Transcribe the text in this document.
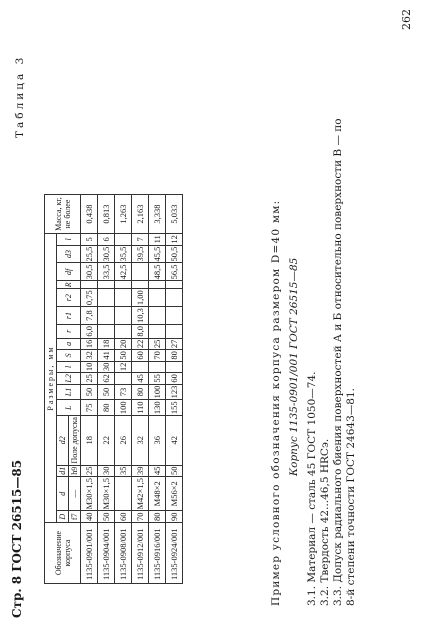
Стр. 8 ГОСТ 26515—85
Таблица 3
262
Обозначение корпуса	Размеры, мм																	Масса, кг, не более
	D	d	d1	d2	L	L1	L2	l	S	a	r	r1	r2	R	df	d3	l	
	f7	—	h9	Поле допуска														
1135-0901/001	40	M30×1,5	25	18	75	50	25	10	32	16	6,0	7,8	0,75		30,5	25,5	5	0,438
1135-0904/001	50	M30×1,5	30	22	80	50	62	30	41	18					33,5	30,5	6	0,813
1135-0908/001	60		35	26	100	73		12	50	20					42,5	35,5		1,263
1135-0912/001	70	M42×1,5	39	32	110	80	45		60	22	8,0	10,3	1,00			39,5	7	2,163
1135-0916/001	80	M48×2	45	36	130	100	55		70	25					48,5	45,5	11	3,338
1135-0924/001	90	M56×2	50	42	155	123	60		80	27					56,5	50,5	12	5,033	Пример условного обозначения корпуса размером D=40 мм: Корпус 1135-0901/001 ГОСТ 26515—85
3.1. Материал — сталь 45 ГОСТ 1050—74. 3.2. Твердость 42...46,5 HRCэ. 3.3. Допуск радиального биения поверхностей А и Б относительно поверхности В — по 8-й степени точности ГОСТ 24643—81.
